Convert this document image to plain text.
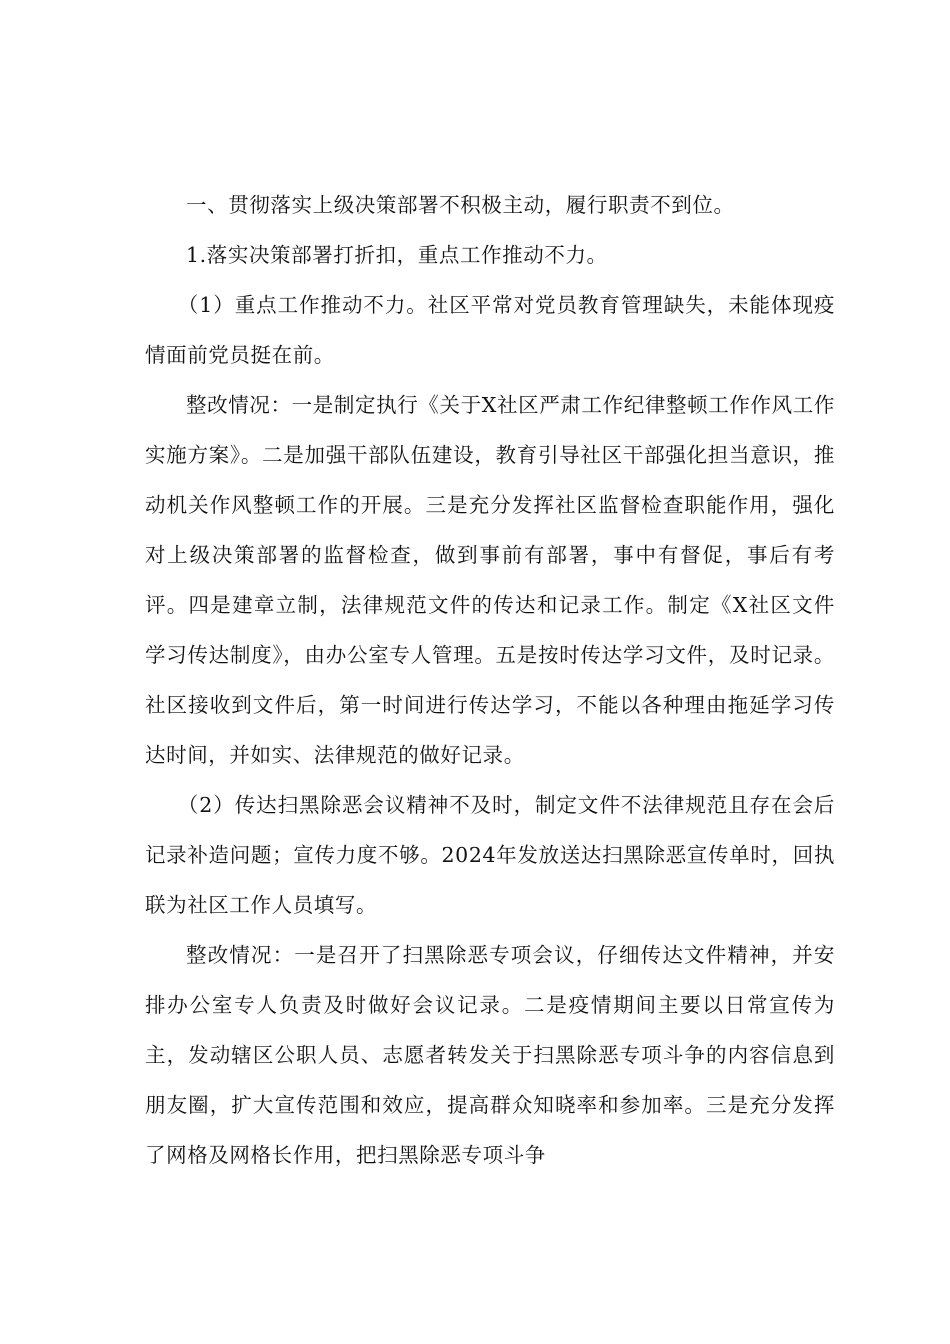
一、贯彻落实上级决策部署不积极主动，履行职责不到位。

1.落实决策部署打折扣，重点工作推动不力。

（1）重点工作推动不力。社区平常对党员教育管理缺失，未能体现疫情面前党员挺在前。

整改情况：一是制定执行《关于X社区严肃工作纪律整顿工作作风工作实施方案》。二是加强干部队伍建设，教育引导社区干部强化担当意识，推动机关作风整顿工作的开展。三是充分发挥社区监督检查职能作用，强化对上级决策部署的监督检查，做到事前有部署，事中有督促，事后有考评。四是建章立制，法律规范文件的传达和记录工作。制定《X社区文件学习传达制度》，由办公室专人管理。五是按时传达学习文件，及时记录。社区接收到文件后，第一时间进行传达学习，不能以各种理由拖延学习传达时间，并如实、法律规范的做好记录。

（2）传达扫黑除恶会议精神不及时，制定文件不法律规范且存在会后记录补造问题；宣传力度不够。2024年发放送达扫黑除恶宣传单时，回执联为社区工作人员填写。

整改情况：一是召开了扫黑除恶专项会议，仔细传达文件精神，并安排办公室专人负责及时做好会议记录。二是疫情期间主要以日常宣传为主，发动辖区公职人员、志愿者转发关于扫黑除恶专项斗争的内容信息到朋友圈，扩大宣传范围和效应，提高群众知晓率和参加率。三是充分发挥了网格及网格长作用，把扫黑除恶专项斗争
